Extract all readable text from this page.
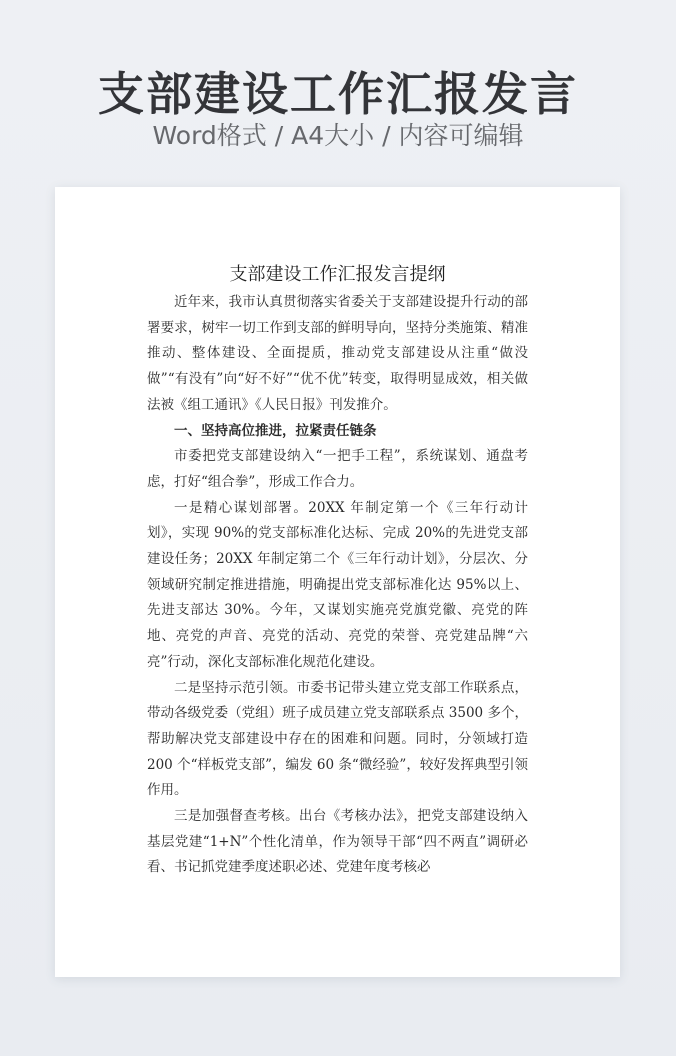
支部建设工作汇报发言
Word格式 / A4大小 / 内容可编辑
支部建设工作汇报发言提纲

近年来，我市认真贯彻落实省委关于支部建设提升行动的部署要求，树牢一切工作到支部的鲜明导向，坚持分类施策、精准推动、整体建设、全面提质，推动党支部建设从注重“做没做”“有没有”向“好不好”“优不优”转变，取得明显成效，相关做法被《组工通讯》《人民日报》刊发推介。

一、坚持高位推进，拉紧责任链条

市委把党支部建设纳入“一把手工程”，系统谋划、通盘考虑，打好“组合拳”，形成工作合力。

一是精心谋划部署。20XX 年制定第一个《三年行动计划》，实现 90%的党支部标准化达标、完成 20%的先进党支部建设任务；20XX 年制定第二个《三年行动计划》，分层次、分领域研究制定推进措施，明确提出党支部标准化达 95%以上、先进支部达 30%。今年，又谋划实施亮党旗党徽、亮党的阵地、亮党的声音、亮党的活动、亮党的荣誉、亮党建品牌“六亮”行动，深化支部标准化规范化建设。

二是坚持示范引领。市委书记带头建立党支部工作联系点，带动各级党委（党组）班子成员建立党支部联系点 3500 多个，帮助解决党支部建设中存在的困难和问题。同时，分领域打造 200 个“样板党支部”，编发 60 条“微经验”，较好发挥典型引领作用。

三是加强督查考核。出台《考核办法》，把党支部建设纳入基层党建“1+N”个性化清单，作为领导干部“四不两直”调研必看、书记抓党建季度述职必述、党建年度考核必
